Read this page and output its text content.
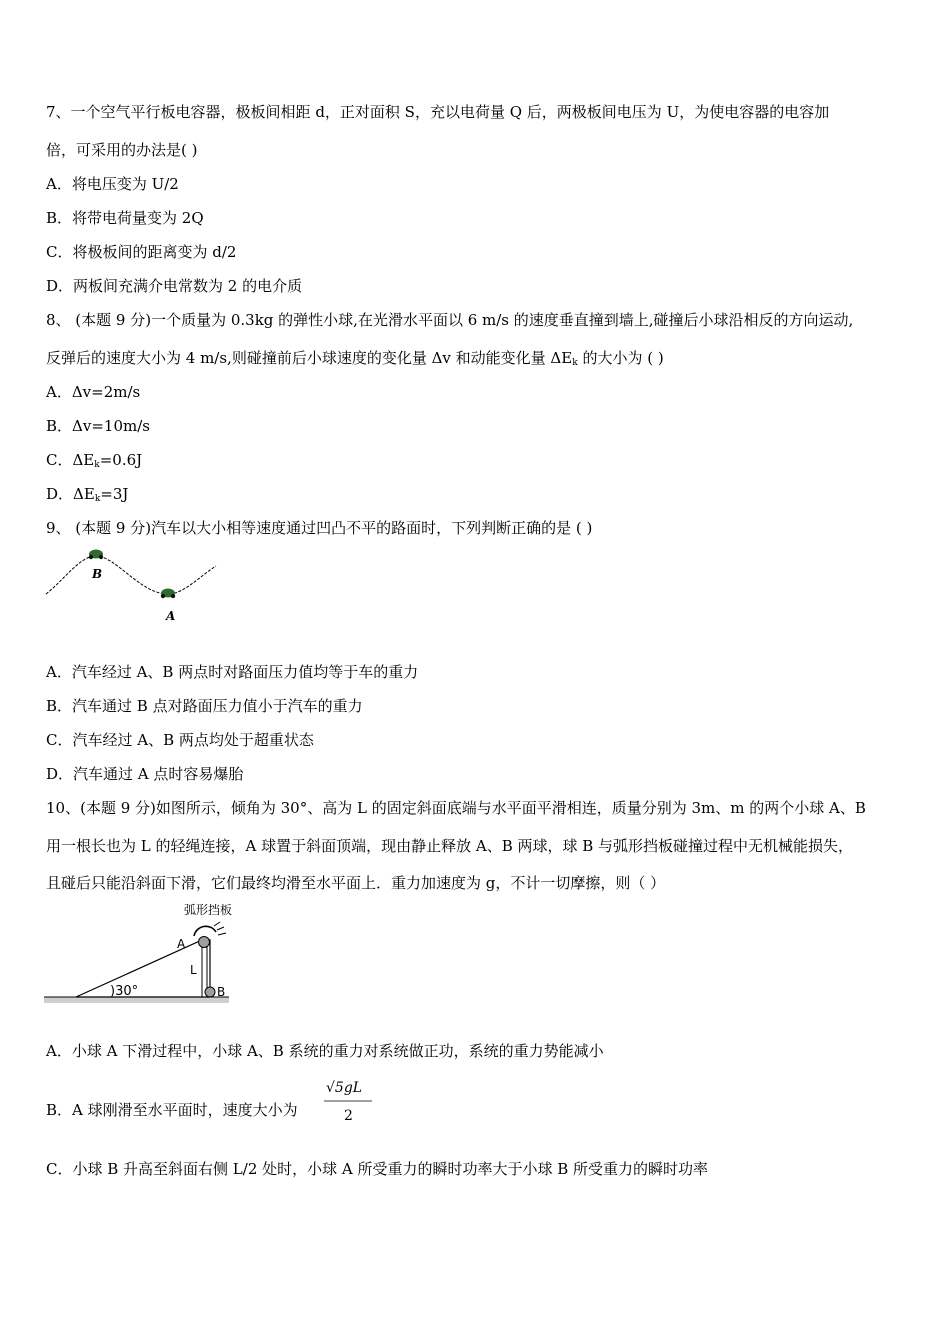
7、一个空气平行板电容器，极板间相距 d，正对面积 S，充以电荷量 Q 后，两极板间电压为 U，为使电容器的电容加
倍，可采用的办法是( )
A．将电压变为 U/2
B．将带电荷量变为 2Q
C．将极板间的距离变为 d/2
D．两板间充满介电常数为 2 的电介质
8、 (本题 9 分)一个质量为 0.3kg 的弹性小球,在光滑水平面以 6 m/s 的速度垂直撞到墙上,碰撞后小球沿相反的方向运动,
反弹后的速度大小为 4 m/s,则碰撞前后小球速度的变化量 Δv 和动能变化量 $\Delta E_k$ 的大小为 ( )
A．Δv=2m/s
B．Δv=10m/s
C．$\Delta E_k=0.6J$
D．$\Delta E_k=3J$
9、 (本题 9 分)汽车以大小相等速度通过凹凸不平的路面时，下列判断正确的是 ( )
B
A
A．汽车经过 A、B 两点时对路面压力值均等于车的重力
B．汽车通过 B 点对路面压力值小于汽车的重力
C．汽车经过 A、B 两点均处于超重状态
D．汽车通过 A 点时容易爆胎
10、(本题 9 分)如图所示，倾角为 30°、高为 L 的固定斜面底端与水平面平滑相连，质量分别为 3m、m 的两个小球 A、B
用一根长也为 L 的轻绳连接，A 球置于斜面顶端，现由静止释放 A、B 两球，球 B 与弧形挡板碰撞过程中无机械能损失，
且碰后只能沿斜面下滑，它们最终均滑至水平面上．重力加速度为 g，不计一切摩擦，则（ ）
弧形挡板
A
L
B
)30°
A．小球 A 下滑过程中，小球 A、B 系统的重力对系统做正功，系统的重力势能减小
B．A 球刚滑至水平面时，速度大小为
√5gL
2
C．小球 B 升高至斜面右侧 L/2 处时，小球 A 所受重力的瞬时功率大于小球 B 所受重力的瞬时功率
